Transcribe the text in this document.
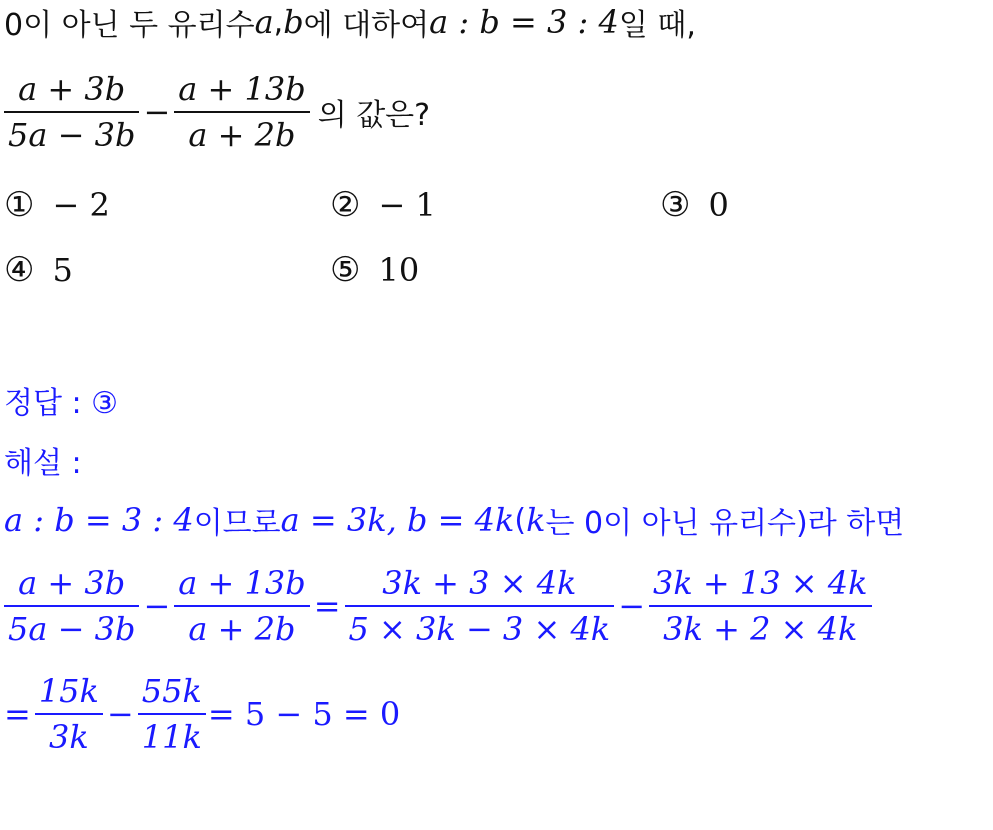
0이 아닌 두 유리수 a , b 에 대하여 a : b = 3 : 4 일 때,
$\frac{a + 3b}{5a - 3b} - \frac{a + 13b}{a + 2b}$ 의 값은?
① − 2	② − 1	③ 0
④ 5	⑤ 10
정답 : ③
해설 :
a : b = 3 : 4 이므로 a = 3k, b = 4k ( k 는 0이 아닌 유리수)라 하면
$\frac{a + 3b}{5a - 3b} - \frac{a + 13b}{a + 2b} = \frac{3k + 3 \times 4k}{5 \times 3k - 3 \times 4k} - \frac{3k + 13 \times 4k}{3k + 2 \times 4k}$
= $\frac{15k}{3k} - \frac{55k}{11k} = 5 - 5 = 0$
